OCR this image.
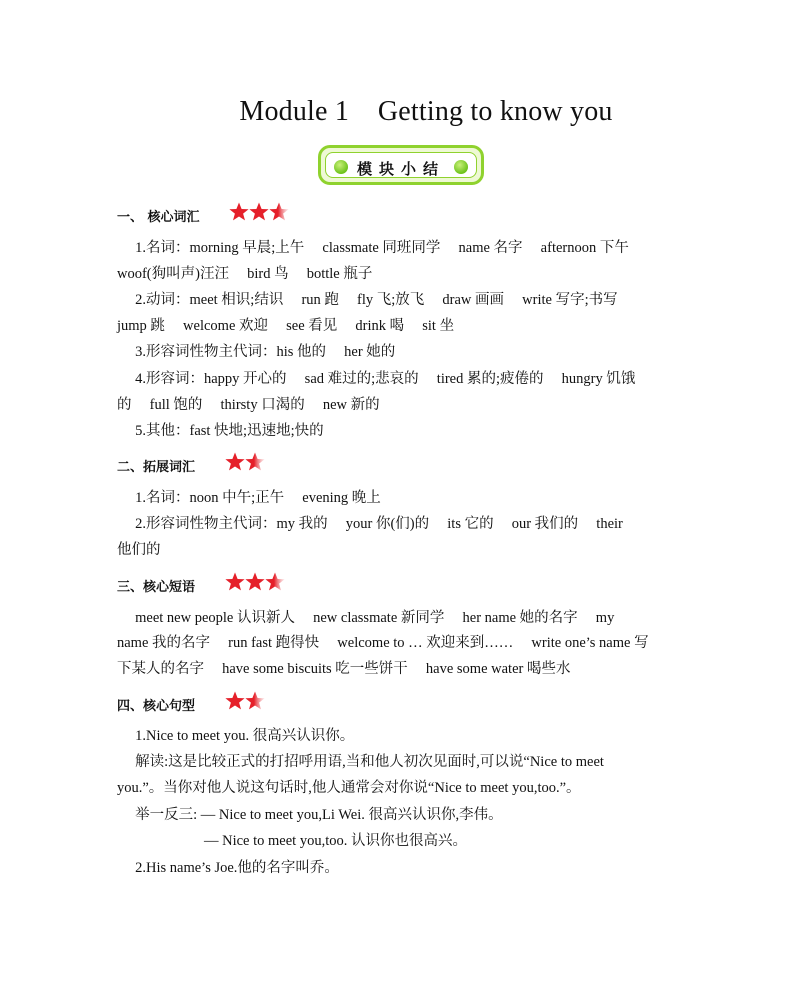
Module 1    Getting to know you
模块小结
一、 核心词汇
1.名词：morning 早晨;上午     classmate 同班同学     name 名字     afternoon 下午
woof(狗叫声)汪汪     bird 鸟     bottle 瓶子
2.动词：meet 相识;结识     run 跑     fly 飞;放飞     draw 画画     write 写字;书写
jump 跳     welcome 欢迎     see 看见     drink 喝     sit 坐
3.形容词性物主代词：his 他的     her 她的
4.形容词：happy 开心的     sad 难过的;悲哀的     tired 累的;疲倦的     hungry 饥饿
的     full 饱的     thirsty 口渴的     new 新的
5.其他：fast 快地;迅速地;快的
二、拓展词汇
1.名词：noon 中午;正午     evening 晚上
2.形容词性物主代词：my 我的     your 你(们)的     its 它的     our 我们的     their
他们的
三、核心短语
meet new people 认识新人     new classmate 新同学     her name 她的名字     my
name 我的名字     run fast 跑得快     welcome to … 欢迎来到……     write one’s name 写
下某人的名字     have some biscuits 吃一些饼干     have some water 喝些水
四、核心句型
1.Nice to meet you. 很高兴认识你。
解读:这是比较正式的打招呼用语,当和他人初次见面时,可以说“Nice to meet
you.”。当你对他人说这句话时,他人通常会对你说“Nice to meet you,too.”。
举一反三: — Nice to meet you,Li Wei. 很高兴认识你,李伟。
— Nice to meet you,too. 认识你也很高兴。
2.His name’s Joe.他的名字叫乔。
